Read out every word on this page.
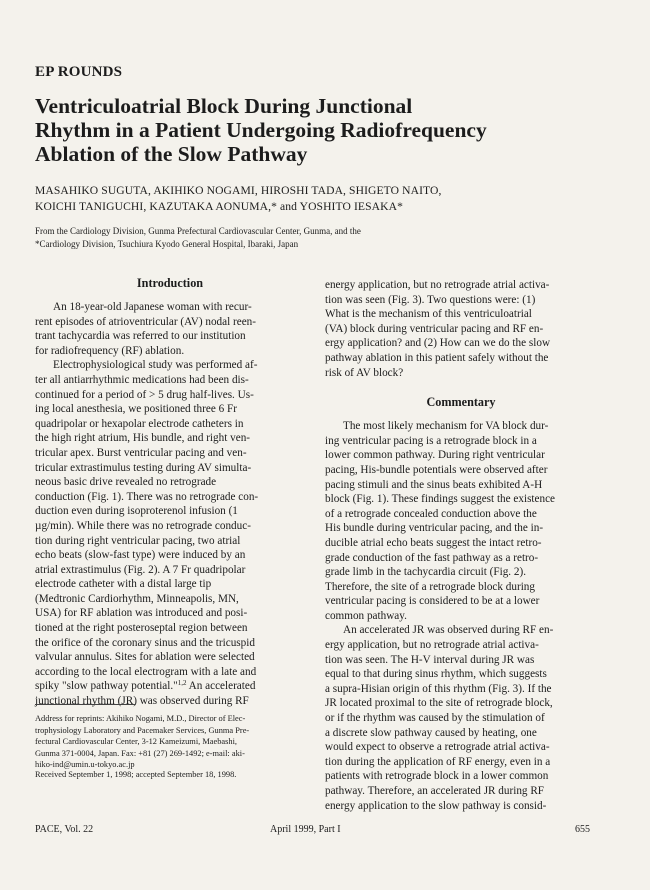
EP ROUNDS
Ventriculoatrial Block During Junctional
Rhythm in a Patient Undergoing Radiofrequency
Ablation of the Slow Pathway
MASAHIKO SUGUTA, AKIHIKO NOGAMI, HIROSHI TADA, SHIGETO NAITO,
KOICHI TANIGUCHI, KAZUTAKA AONUMA,* and YOSHITO IESAKA*
From the Cardiology Division, Gunma Prefectural Cardiovascular Center, Gunma, and the
*Cardiology Division, Tsuchiura Kyodo General Hospital, Ibaraki, Japan
Introduction
An 18-year-old Japanese woman with recur-
rent episodes of atrioventricular (AV) nodal reen-
trant tachycardia was referred to our institution
for radiofrequency (RF) ablation.
Electrophysiological study was performed af-
ter all antiarrhythmic medications had been dis-
continued for a period of > 5 drug half-lives. Us-
ing local anesthesia, we positioned three 6 Fr
quadripolar or hexapolar electrode catheters in
the high right atrium, His bundle, and right ven-
tricular apex. Burst ventricular pacing and ven-
tricular extrastimulus testing during AV simulta-
neous basic drive revealed no retrograde
conduction (Fig. 1). There was no retrograde con-
duction even during isoproterenol infusion (1
µg/min). While there was no retrograde conduc-
tion during right ventricular pacing, two atrial
echo beats (slow-fast type) were induced by an
atrial extrastimulus (Fig. 2). A 7 Fr quadripolar
electrode catheter with a distal large tip
(Medtronic Cardiorhythm, Minneapolis, MN,
USA) for RF ablation was introduced and posi-
tioned at the right posteroseptal region between
the orifice of the coronary sinus and the tricuspid
valvular annulus. Sites for ablation were selected
according to the local electrogram with a late and
spiky "slow pathway potential."$^{1,2}$ An accelerated
junctional rhythm (JR) was observed during RF
energy application, but no retrograde atrial activa-
tion was seen (Fig. 3). Two questions were: (1)
What is the mechanism of this ventriculoatrial
(VA) block during ventricular pacing and RF en-
ergy application? and (2) How can we do the slow
pathway ablation in this patient safely without the
risk of AV block?
Commentary
The most likely mechanism for VA block dur-
ing ventricular pacing is a retrograde block in a
lower common pathway. During right ventricular
pacing, His-bundle potentials were observed after
pacing stimuli and the sinus beats exhibited A-H
block (Fig. 1). These findings suggest the existence
of a retrograde concealed conduction above the
His bundle during ventricular pacing, and the in-
ducible atrial echo beats suggest the intact retro-
grade conduction of the fast pathway as a retro-
grade limb in the tachycardia circuit (Fig. 2).
Therefore, the site of a retrograde block during
ventricular pacing is considered to be at a lower
common pathway.
An accelerated JR was observed during RF en-
ergy application, but no retrograde atrial activa-
tion was seen. The H-V interval during JR was
equal to that during sinus rhythm, which suggests
a supra-Hisian origin of this rhythm (Fig. 3). If the
JR located proximal to the site of retrograde block,
or if the rhythm was caused by the stimulation of
a discrete slow pathway caused by heating, one
would expect to observe a retrograde atrial activa-
tion during the application of RF energy, even in a
patients with retrograde block in a lower common
pathway. Therefore, an accelerated JR during RF
energy application to the slow pathway is consid-
Address for reprints: Akihiko Nogami, M.D., Director of Elec-
trophysiology Laboratory and Pacemaker Services, Gunma Pre-
fectural Cardiovascular Center, 3-12 Kameizumi, Maebashi,
Gunma 371-0004, Japan. Fax: +81 (27) 269-1492; e-mail: aki-
hiko-ind@umin.u-tokyo.ac.jp
Received September 1, 1998; accepted September 18, 1998.
PACE, Vol. 22	April 1999, Part I	655
